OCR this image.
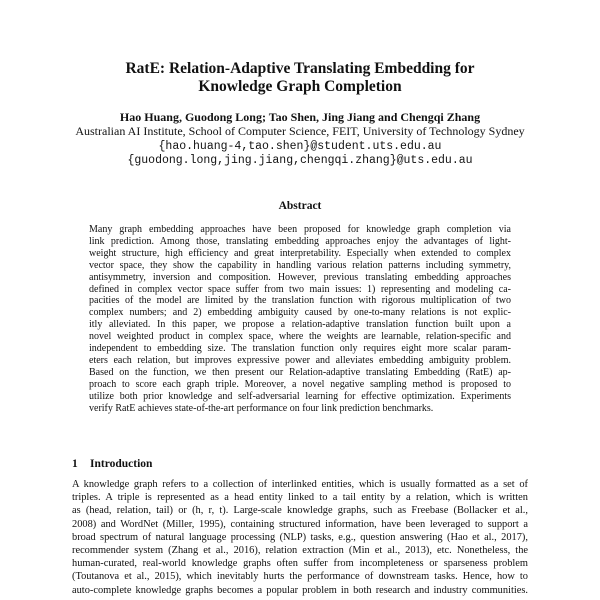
RatE: Relation-Adaptive Translating Embedding for
Knowledge Graph Completion
Hao Huang, Guodong Long; Tao Shen, Jing Jiang and Chengqi Zhang
Australian AI Institute, School of Computer Science, FEIT, University of Technology Sydney
{hao.huang-4,tao.shen}@student.uts.edu.au
{guodong.long,jing.jiang,chengqi.zhang}@uts.edu.au
Abstract
Many graph embedding approaches have been proposed for knowledge graph completion via
link prediction. Among those, translating embedding approaches enjoy the advantages of light-
weight structure, high efficiency and great interpretability. Especially when extended to complex
vector space, they show the capability in handling various relation patterns including symmetry,
antisymmetry, inversion and composition. However, previous translating embedding approaches
defined in complex vector space suffer from two main issues: 1) representing and modeling ca-
pacities of the model are limited by the translation function with rigorous multiplication of two
complex numbers; and 2) embedding ambiguity caused by one-to-many relations is not explic-
itly alleviated. In this paper, we propose a relation-adaptive translation function built upon a
novel weighted product in complex space, where the weights are learnable, relation-specific and
independent to embedding size. The translation function only requires eight more scalar param-
eters each relation, but improves expressive power and alleviates embedding ambiguity problem.
Based on the function, we then present our Relation-adaptive translating Embedding (RatE) ap-
proach to score each graph triple. Moreover, a novel negative sampling method is proposed to
utilize both prior knowledge and self-adversarial learning for effective optimization. Experiments
verify RatE achieves state-of-the-art performance on four link prediction benchmarks.
1 Introduction
A knowledge graph refers to a collection of interlinked entities, which is usually formatted as a set of
triples. A triple is represented as a head entity linked to a tail entity by a relation, which is written
as (head, relation, tail) or (h, r, t). Large-scale knowledge graphs, such as Freebase (Bollacker et al.,
2008) and WordNet (Miller, 1995), containing structured information, have been leveraged to support a
broad spectrum of natural language processing (NLP) tasks, e.g., question answering (Hao et al., 2017),
recommender system (Zhang et al., 2016), relation extraction (Min et al., 2013), etc. Nonetheless, the
human-curated, real-world knowledge graphs often suffer from incompleteness or sparseness problem
(Toutanova et al., 2015), which inevitably hurts the performance of downstream tasks. Hence, how to
auto-complete knowledge graphs becomes a popular problem in both research and industry communities.
